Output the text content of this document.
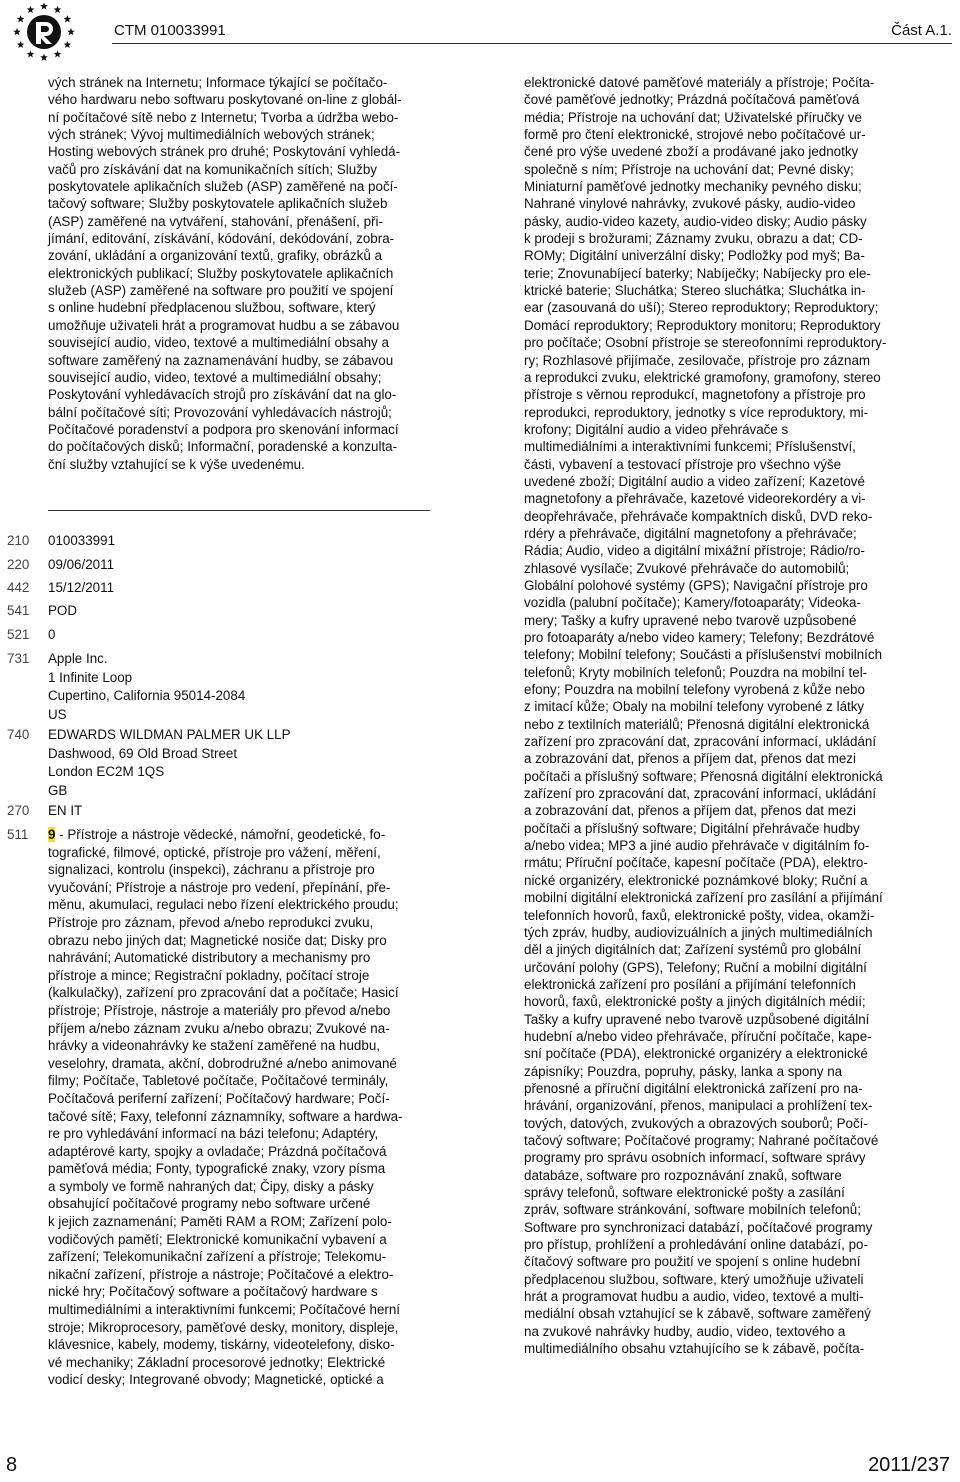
CTM 010033991	Část A.1.
vých stránek na Internetu; Informace týkající se počítačo-
vého hardwaru nebo softwaru poskytované on-line z globál-
ní počítačové sítě nebo z Internetu; Tvorba a údržba webo-
vých stránek; Vývoj multimediálních webových stránek;
Hosting webových stránek pro druhé; Poskytování vyhledá-
vačů pro získávání dat na komunikačních sítích; Služby
poskytovatele aplikačních služeb (ASP) zaměřené na počí-
tačový software; Služby poskytovatele aplikačních služeb
(ASP) zaměřené na vytváření, stahování, přenášení, při-
jímání, editování, získávání, kódování, dekódování, zobra-
zování, ukládání a organizování textů, grafiky, obrázků a
elektronických publikací; Služby poskytovatele aplikačních
služeb (ASP) zaměřené na software pro použití ve spojení
s online hudební předplacenou službou, software, který
umožňuje uživateli hrát a programovat hudbu a se zábavou
související audio, video, textové a multimediální obsahy a
software zaměřený na zaznamenávání hudby, se zábavou
související audio, video, textové a multimediální obsahy;
Poskytování vyhledávacích strojů pro získávání dat na glo-
bální počítačové síti; Provozování vyhledávacích nástrojů;
Počítačové poradenství a podpora pro skenování informací
do počítačových disků; Informační, poradenské a konzulta-
ční služby vztahující se k výše uvedenému.
210	010033991
220	09/06/2011
442	15/12/2011
541	POD
521	0
731	Apple Inc.
1 Infinite Loop
Cupertino, California 95014-2084
US
740	EDWARDS WILDMAN PALMER UK LLP
Dashwood, 69 Old Broad Street
London EC2M 1QS
GB
270	EN IT
511	9 - Přístroje a nástroje vědecké, námořní, geodetické, fo-
tografické, filmové, optické, přístroje pro vážení, měření,
signalizaci, kontrolu (inspekci), záchranu a přístroje pro
vyučování; Přístroje a nástroje pro vedení, přepínání, pře-
měnu, akumulaci, regulaci nebo řízení elektrického proudu;
Přístroje pro záznam, převod a/nebo reprodukci zvuku,
obrazu nebo jiných dat; Magnetické nosiče dat; Disky pro
nahrávání; Automatické distributory a mechanismy pro
přístroje a mince; Registrační pokladny, počítací stroje
(kalkulačky), zařízení pro zpracování dat a počítače; Hasicí
přístroje; Přístroje, nástroje a materiály pro převod a/nebo
příjem a/nebo záznam zvuku a/nebo obrazu; Zvukové na-
hrávky a videonahrávky ke stažení zaměřené na hudbu,
veselohry, dramata, akční, dobrodružné a/nebo animované
filmy; Počítače, Tabletové počítače, Počítačové terminály,
Počítačová periferní zařízení; Počítačový hardware; Počí-
tačové sítě; Faxy, telefonní záznamníky, software a hardwa-
re pro vyhledávání informací na bázi telefonu; Adaptéry,
adaptérové karty, spojky a ovladače; Prázdná počítačová
paměťová média; Fonty, typografické znaky, vzory písma
a symboly ve formě nahraných dat; Čipy, disky a pásky
obsahující počítačové programy nebo software určené
k jejich zaznamenání; Paměti RAM a ROM; Zařízení polo-
vodičových pamětí; Elektronické komunikační vybavení a
zařízení; Telekomunikační zařízení a přístroje; Telekomu-
nikační zařízení, přístroje a nástroje; Počítačové a elektro-
nické hry; Počítačový software a počítačový hardware s
multimediálními a interaktivními funkcemi; Počítačové herní
stroje; Mikroprocesory, paměťové desky, monitory, displeje,
klávesnice, kabely, modemy, tiskárny, videotelefony, disko-
vé mechaniky; Základní procesorové jednotky; Elektrické
vodicí desky; Integrované obvody; Magnetické, optické a
elektronické datové paměťové materiály a přístroje; Počíta-
čové paměťové jednotky; Prázdná počítačová paměťová
média; Přístroje na uchování dat; Uživatelské příručky ve
formě pro čtení elektronické, strojové nebo počítačové ur-
čené pro výše uvedené zboží a prodávané jako jednotky
společně s ním; Přístroje na uchování dat; Pevné disky;
Miniaturní paměťové jednotky mechaniky pevného disku;
Nahrané vinylové nahrávky, zvukové pásky, audio-video
pásky, audio-video kazety, audio-video disky; Audio pásky
k prodeji s brožurami; Záznamy zvuku, obrazu a dat; CD-
ROMy; Digitální univerzální disky; Podložky pod myš; Ba-
terie; Znovunabíjecí baterky; Nabíječky; Nabíjecky pro ele-
ktrické baterie; Sluchátka; Stereo sluchátka; Sluchátka in-
ear (zasouvaná do uší); Stereo reproduktory; Reproduktory;
Domácí reproduktory; Reproduktory monitoru; Reproduktory
pro počítače; Osobní přístroje se stereofonními reproduktory-
ry; Rozhlasové přijímače, zesilovače, přístroje pro záznam
a reprodukci zvuku, elektrické gramofony, gramofony, stereo
přístroje s věrnou reprodukcí, magnetofony a přístroje pro
reprodukci, reproduktory, jednotky s více reproduktory, mi-
krofony; Digitální audio a video přehrávače s
multimediálními a interaktivními funkcemi; Příslušenství,
části, vybavení a testovací přístroje pro všechno výše
uvedené zboží; Digitální audio a video zařízení; Kazetové
magnetofony a přehrávače, kazetové videorekordéry a vi-
deopřehrávače, přehrávače kompaktních disků, DVD reko-
rdéry a přehrávače, digitální magnetofony a přehrávače;
Rádia; Audio, video a digitální mixážní přístroje; Rádio/ro-
zhlasové vysílače; Zvukové přehrávače do automobilů;
Globální polohové systémy (GPS); Navigační přístroje pro
vozidla (palubní počítače); Kamery/fotoaparáty; Videoka-
mery; Tašky a kufry upravené nebo tvarově uzpůsobené
pro fotoaparáty a/nebo video kamery; Telefony; Bezdrátové
telefony; Mobilní telefony; Součásti a příslušenství mobilních
telefonů; Kryty mobilních telefonů; Pouzdra na mobilní tel-
efony; Pouzdra na mobilní telefony vyrobená z kůže nebo
z imitací kůže; Obaly na mobilní telefony vyrobené z látky
nebo z textilních materiálů; Přenosná digitální elektronická
zařízení pro zpracování dat, zpracování informací, ukládání
a zobrazování dat, přenos a příjem dat, přenos dat mezi
počítači a příslušný software; Přenosná digitální elektronická
zařízení pro zpracování dat, zpracování informací, ukládání
a zobrazování dat, přenos a příjem dat, přenos dat mezi
počítači a příslušný software; Digitální přehrávače hudby
a/nebo videa; MP3 a jiné audio přehrávače v digitálním fo-
rmátu; Příruční počítače, kapesní počítače (PDA), elektro-
nické organizéry, elektronické poznámkové bloky; Ruční a
mobilní digitální elektronická zařízení pro zasílání a přijímání
telefonních hovorů, faxů, elektronické pošty, videa, okamži-
tých zpráv, hudby, audiovizuálních a jiných multimediálních
děl a jiných digitálních dat; Zařízení systémů pro globální
určování polohy (GPS), Telefony; Ruční a mobilní digitální
elektronická zařízení pro posílání a přijímání telefonních
hovorů, faxů, elektronické pošty a jiných digitálních médií;
Tašky a kufry upravené nebo tvarově uzpůsobené digitální
hudební a/nebo video přehrávače, příruční počítače, kape-
sní počítače (PDA), elektronické organizéry a elektronické
zápisníky; Pouzdra, popruhy, pásky, lanka a spony na
přenosné a příruční digitální elektronická zařízení pro na-
hrávání, organizování, přenos, manipulaci a prohlížení tex-
tových, datových, zvukových a obrazových souborů; Počí-
tačový software; Počítačové programy; Nahrané počítačové
programy pro správu osobních informací, software správy
databáze, software pro rozpoznávání znaků, software
správy telefonů, software elektronické pošty a zasílání
zpráv, software stránkování, software mobilních telefonů;
Software pro synchronizaci databází, počítačové programy
pro přístup, prohlížení a prohledávání online databází, po-
čítačový software pro použití ve spojení s online hudební
předplacenou službou, software, který umožňuje uživateli
hrát a programovat hudbu a audio, video, textové a multi-
mediální obsah vztahující se k zábavě, software zaměřený
na zvukové nahrávky hudby, audio, video, textového a
multimediálního obsahu vztahujícího se k zábavě, počíta-
8	2011/237
